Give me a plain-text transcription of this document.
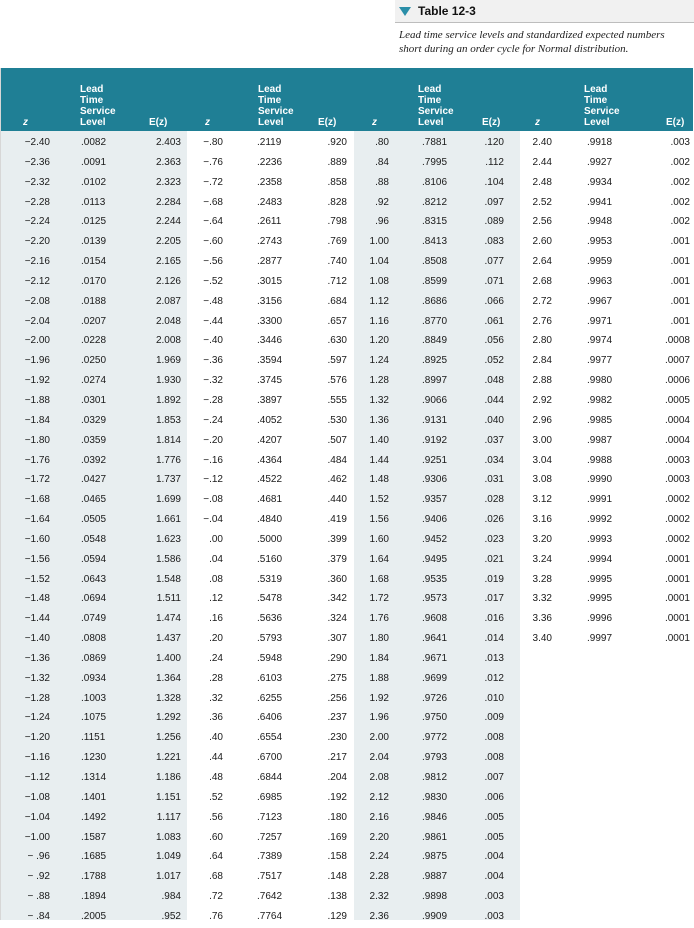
Table 12-3
Lead time service levels and standardized expected numbers
short during an order cycle for Normal distribution.
z
Lead
Time
Service
Level	E(z)
−2.40	.0082	2.403
−2.36	.0091	2.363
−2.32	.0102	2.323
−2.28	.0113	2.284
−2.24	.0125	2.244
−2.20	.0139	2.205
−2.16	.0154	2.165
−2.12	.0170	2.126
−2.08	.0188	2.087
−2.04	.0207	2.048
−2.00	.0228	2.008
−1.96	.0250	1.969
−1.92	.0274	1.930
−1.88	.0301	1.892
−1.84	.0329	1.853
−1.80	.0359	1.814
−1.76	.0392	1.776
−1.72	.0427	1.737
−1.68	.0465	1.699
−1.64	.0505	1.661
−1.60	.0548	1.623
−1.56	.0594	1.586
−1.52	.0643	1.548
−1.48	.0694	1.511
−1.44	.0749	1.474
−1.40	.0808	1.437
−1.36	.0869	1.400
−1.32	.0934	1.364
−1.28	.1003	1.328
−1.24	.1075	1.292
−1.20	.1151	1.256
−1.16	.1230	1.221
−1.12	.1314	1.186
−1.08	.1401	1.151
−1.04	.1492	1.117
−1.00	.1587	1.083
− .96	.1685	1.049
− .92	.1788	1.017
− .88	.1894	.984
− .84	.2005	.952
z
Lead
Time
Service
Level	E(z)
−.80	.2119	.920
−.76	.2236	.889
−.72	.2358	.858
−.68	.2483	.828
−.64	.2611	.798
−.60	.2743	.769
−.56	.2877	.740
−.52	.3015	.712
−.48	.3156	.684
−.44	.3300	.657
−.40	.3446	.630
−.36	.3594	.597
−.32	.3745	.576
−.28	.3897	.555
−.24	.4052	.530
−.20	.4207	.507
−.16	.4364	.484
−.12	.4522	.462
−.08	.4681	.440
−.04	.4840	.419
.00	.5000	.399
.04	.5160	.379
.08	.5319	.360
.12	.5478	.342
.16	.5636	.324
.20	.5793	.307
.24	.5948	.290
.28	.6103	.275
.32	.6255	.256
.36	.6406	.237
.40	.6554	.230
.44	.6700	.217
.48	.6844	.204
.52	.6985	.192
.56	.7123	.180
.60	.7257	.169
.64	.7389	.158
.68	.7517	.148
.72	.7642	.138
.76	.7764	.129
z
Lead
Time
Service
Level	E(z)
.80	.7881	.120
.84	.7995	.112
.88	.8106	.104
.92	.8212	.097
.96	.8315	.089
1.00	.8413	.083
1.04	.8508	.077
1.08	.8599	.071
1.12	.8686	.066
1.16	.8770	.061
1.20	.8849	.056
1.24	.8925	.052
1.28	.8997	.048
1.32	.9066	.044
1.36	.9131	.040
1.40	.9192	.037
1.44	.9251	.034
1.48	.9306	.031
1.52	.9357	.028
1.56	.9406	.026
1.60	.9452	.023
1.64	.9495	.021
1.68	.9535	.019
1.72	.9573	.017
1.76	.9608	.016
1.80	.9641	.014
1.84	.9671	.013
1.88	.9699	.012
1.92	.9726	.010
1.96	.9750	.009
2.00	.9772	.008
2.04	.9793	.008
2.08	.9812	.007
2.12	.9830	.006
2.16	.9846	.005
2.20	.9861	.005
2.24	.9875	.004
2.28	.9887	.004
2.32	.9898	.003
2.36	.9909	.003
z
Lead
Time
Service
Level	E(z)
2.40	.9918	.003
2.44	.9927	.002
2.48	.9934	.002
2.52	.9941	.002
2.56	.9948	.002
2.60	.9953	.001
2.64	.9959	.001
2.68	.9963	.001
2.72	.9967	.001
2.76	.9971	.001
2.80	.9974	.0008
2.84	.9977	.0007
2.88	.9980	.0006
2.92	.9982	.0005
2.96	.9985	.0004
3.00	.9987	.0004
3.04	.9988	.0003
3.08	.9990	.0003
3.12	.9991	.0002
3.16	.9992	.0002
3.20	.9993	.0002
3.24	.9994	.0001
3.28	.9995	.0001
3.32	.9995	.0001
3.36	.9996	.0001
3.40	.9997	.0001
